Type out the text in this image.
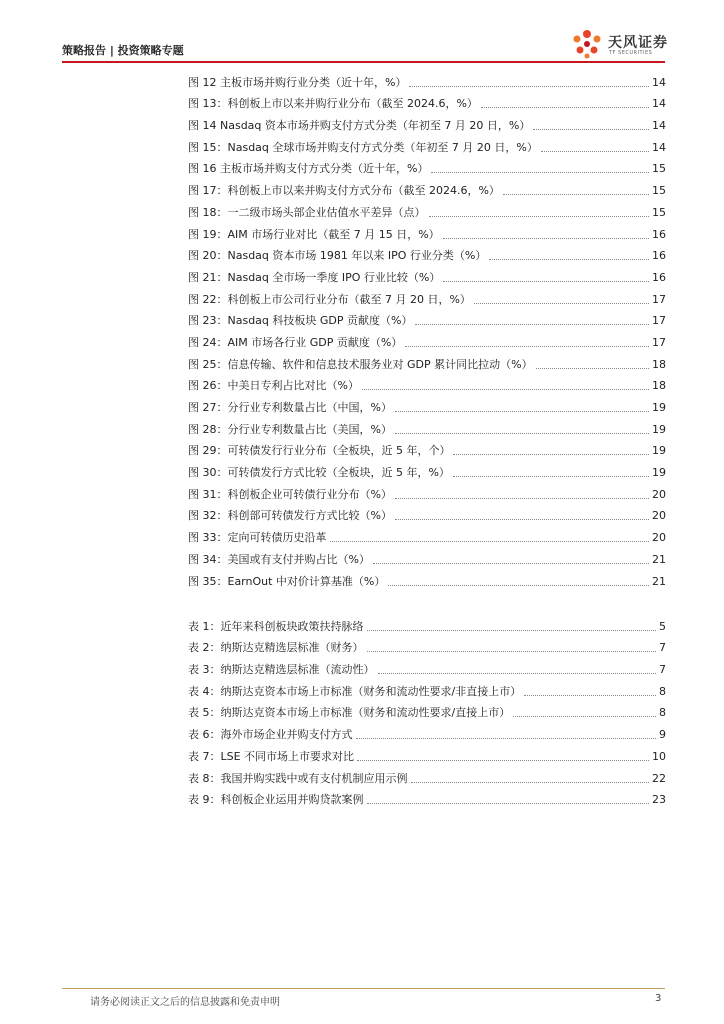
策略报告 | 投资策略专题	天风证券
TF SECURITIES
图 12 主板市场并购行业分类（近十年，%）	14
图 13：科创板上市以来并购行业分布（截至 2024.6，%）	14
图 14 Nasdaq 资本市场并购支付方式分类（年初至 7 月 20 日，%）	14
图 15：Nasdaq 全球市场并购支付方式分类（年初至 7 月 20 日，%）	14
图 16 主板市场并购支付方式分类（近十年，%）	15
图 17：科创板上市以来并购支付方式分布（截至 2024.6，%）	15
图 18：一二级市场头部企业估值水平差异（点）	15
图 19：AIM 市场行业对比（截至 7 月 15 日，%）	16
图 20：Nasdaq 资本市场 1981 年以来 IPO 行业分类（%）	16
图 21：Nasdaq 全市场一季度 IPO 行业比较（%）	16
图 22：科创板上市公司行业分布（截至 7 月 20 日，%）	17
图 23：Nasdaq 科技板块 GDP 贡献度（%）	17
图 24：AIM 市场各行业 GDP 贡献度（%）	17
图 25：信息传输、软件和信息技术服务业对 GDP 累计同比拉动（%）	18
图 26：中美日专利占比对比（%）	18
图 27：分行业专利数量占比（中国，%）	19
图 28：分行业专利数量占比（美国，%）	19
图 29：可转债发行行业分布（全板块，近 5 年，个）	19
图 30：可转债发行方式比较（全板块，近 5 年，%）	19
图 31：科创板企业可转债行业分布（%）	20
图 32：科创部可转债发行方式比较（%）	20
图 33：定向可转债历史沿革	20
图 34：美国或有支付并购占比（%）	21
图 35：EarnOut 中对价计算基准（%）	21
表 1：近年来科创板块政策扶持脉络	5
表 2：纳斯达克精选层标准（财务）	7
表 3：纳斯达克精选层标准（流动性）	7
表 4：纳斯达克资本市场上市标准（财务和流动性要求/非直接上市）	8
表 5：纳斯达克资本市场上市标准（财务和流动性要求/直接上市）	8
表 6：海外市场企业并购支付方式	9
表 7：LSE 不同市场上市要求对比	10
表 8：我国并购实践中或有支付机制应用示例	22
表 9：科创板企业运用并购贷款案例	23
请务必阅读正文之后的信息披露和免责申明	3
